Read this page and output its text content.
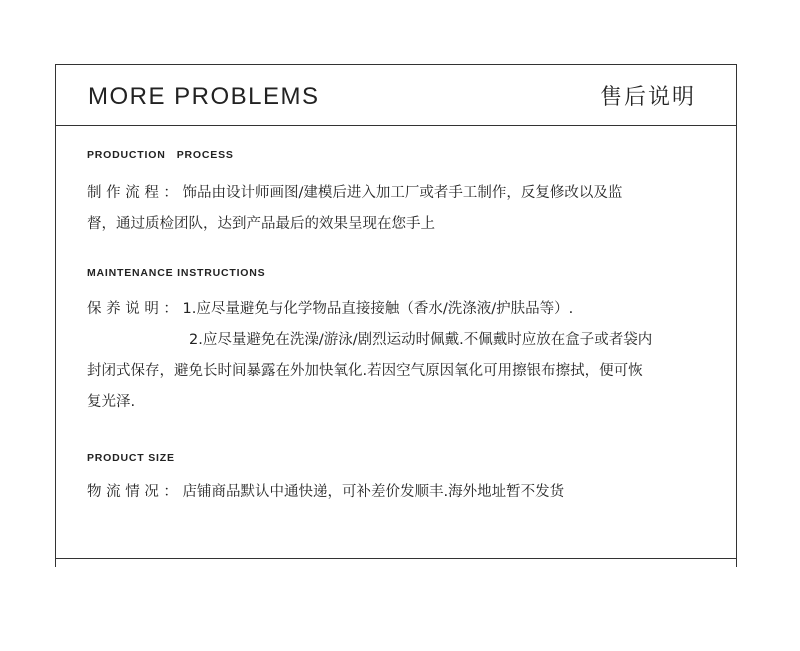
MORE PROBLEMS	售后说明
PRODUCTION   PROCESS
制 作 流 程 ： 饰品由设计师画图/建模后进入加工厂或者手工制作，反复修改以及监
督，通过质检团队，达到产品最后的效果呈现在您手上
MAINTENANCE INSTRUCTIONS
保 养 说 明 ： 1.应尽量避免与化学物品直接接触（香水/洗涤液/护肤品等）.
2.应尽量避免在洗澡/游泳/剧烈运动时佩戴.不佩戴时应放在盒子或者袋内
封闭式保存，避免长时间暴露在外加快氧化.若因空气原因氧化可用擦银布擦拭，便可恢
复光泽.
PRODUCT SIZE
物 流 情 况 ： 店铺商品默认中通快递，可补差价发顺丰.海外地址暂不发货
